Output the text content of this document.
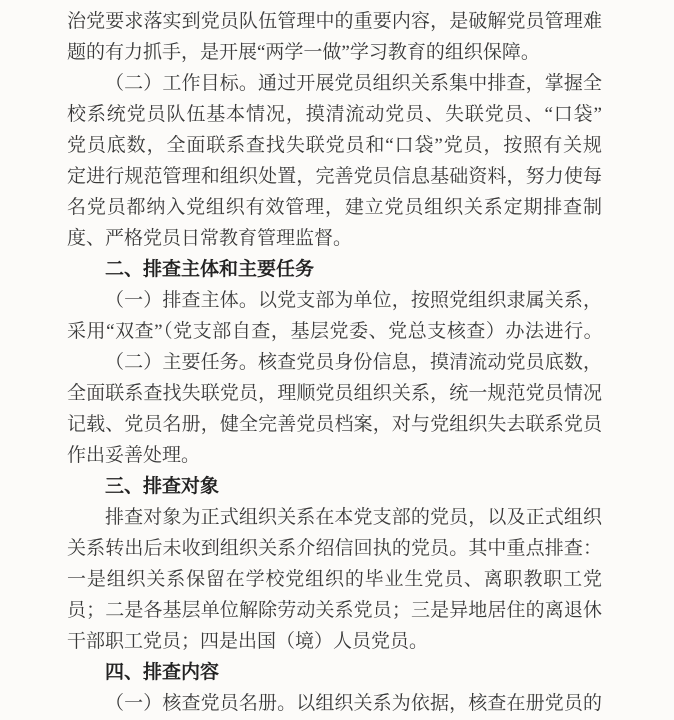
治党要求落实到党员队伍管理中的重要内容，是破解党员管理难
题的有力抓手，是开展“两学一做”学习教育的组织保障。
（二）工作目标。通过开展党员组织关系集中排查，掌握全
校系统党员队伍基本情况，摸清流动党员、失联党员、“口袋”
党员底数，全面联系查找失联党员和“口袋”党员，按照有关规
定进行规范管理和组织处置，完善党员信息基础资料，努力使每
名党员都纳入党组织有效管理，建立党员组织关系定期排查制
度、严格党员日常教育管理监督。
二、排查主体和主要任务
（一）排查主体。以党支部为单位，按照党组织隶属关系，
采用“双查”（党支部自查，基层党委、党总支核查）办法进行。
（二）主要任务。核查党员身份信息，摸清流动党员底数，
全面联系查找失联党员，理顺党员组织关系，统一规范党员情况
记载、党员名册，健全完善党员档案，对与党组织失去联系党员
作出妥善处理。
三、排查对象
排查对象为正式组织关系在本党支部的党员，以及正式组织
关系转出后未收到组织关系介绍信回执的党员。其中重点排查：
一是组织关系保留在学校党组织的毕业生党员、离职教职工党
员；二是各基层单位解除劳动关系党员；三是异地居住的离退休
干部职工党员；四是出国（境）人员党员。
四、排查内容
（一）核查党员名册。以组织关系为依据，核查在册党员的
